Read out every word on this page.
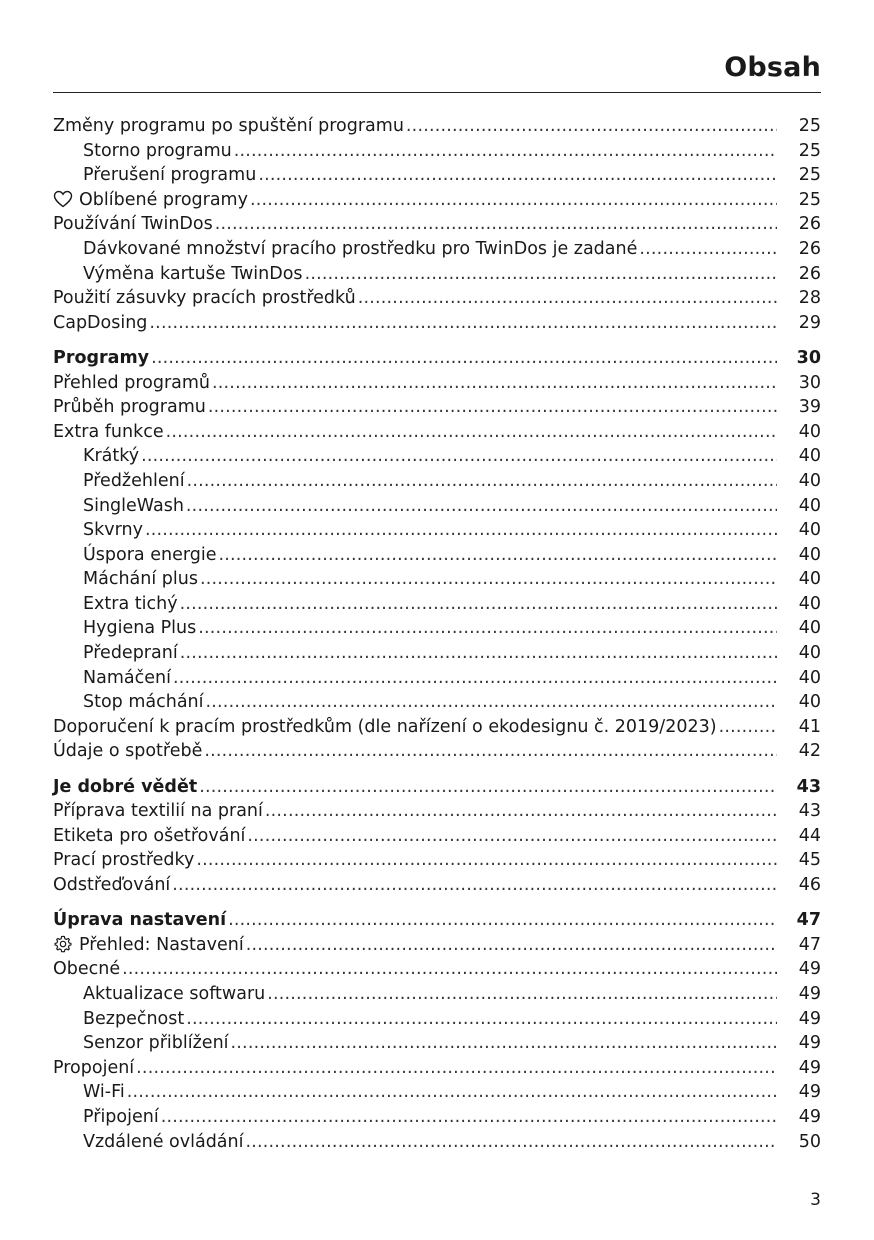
Obsah
Změny programu po spuštění programu .....	25
Storno programu .....	25
Přerušení programu .....	25
Oblíbené programy .....	25
Používání TwinDos .....	26
Dávkované množství pracího prostředku pro TwinDos je zadané .....	26
Výměna kartuše TwinDos .....	26
Použití zásuvky pracích prostředků .....	28
CapDosing .....	29
Programy .....	30
Přehled programů .....	30
Průběh programu .....	39
Extra funkce .....	40
Krátký .....	40
Předžehlení .....	40
SingleWash .....	40
Skvrny .....	40
Úspora energie .....	40
Máchání plus .....	40
Extra tichý .....	40
Hygiena Plus .....	40
Předepraní .....	40
Namáčení .....	40
Stop máchání .....	40
Doporučení k pracím prostředkům (dle nařízení o ekodesignu č. 2019/2023) .....	41
Údaje o spotřebě .....	42
Je dobré vědět .....	43
Příprava textilií na praní .....	43
Etiketa pro ošetřování .....	44
Prací prostředky .....	45
Odstřeďování .....	46
Úprava nastavení .....	47
Přehled: Nastavení .....	47
Obecné .....	49
Aktualizace softwaru .....	49
Bezpečnost .....	49
Senzor přiblížení .....	49
Propojení .....	49
Wi-Fi .....	49
Připojení .....	49
Vzdálené ovládání .....	50
3
